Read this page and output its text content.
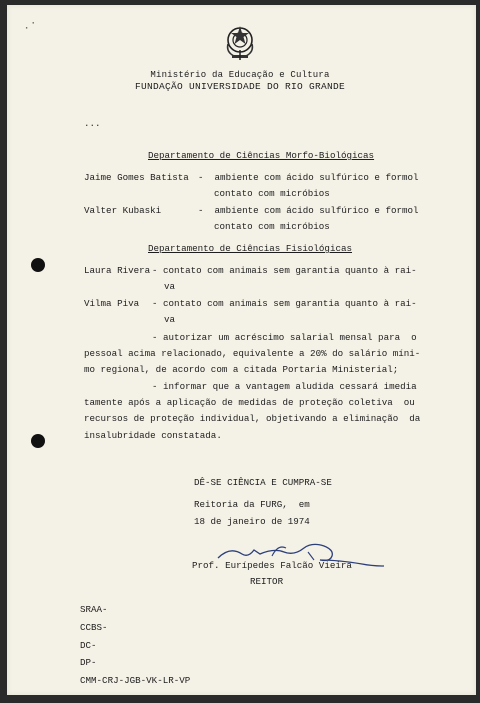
⠠⠈
Ministério da Educação e Cultura
FUNDAÇÃO UNIVERSIDADE DO RIO GRANDE
...
Departamento de Ciências Morfo-Biológicas
Jaime Gomes Batista -  ambiente com ácido sulfúrico e formol
contato com micróbios
Valter Kubaski	-  ambiente com ácido sulfúrico e formol
contato com micróbios
Departamento de Ciências Fisiológicas
Laura Rivera - contato com animais sem garantia quanto à rai-
va
Vilma Piva - contato com animais sem garantia quanto à rai-
va
- autorizar um acréscimo salarial mensal para  o
pessoal acima relacionado, equivalente a 20% do salário míni-
mo regional, de acordo com a citada Portaria Ministerial;
- informar que a vantagem aludida cessará imedia
tamente após a aplicação de medidas de proteção coletiva  ou
recursos de proteção individual, objetivando a eliminação  da
insalubridade constatada.
DÊ-SE CIÊNCIA E CUMPRA-SE
Reitoria da FURG,  em
18 de janeiro de 1974
Prof. Eurípedes Falcão Vieira
REITOR
SRAA-
CCBS-
DC-
DP-
CMM-CRJ-JGB-VK-LR-VP
